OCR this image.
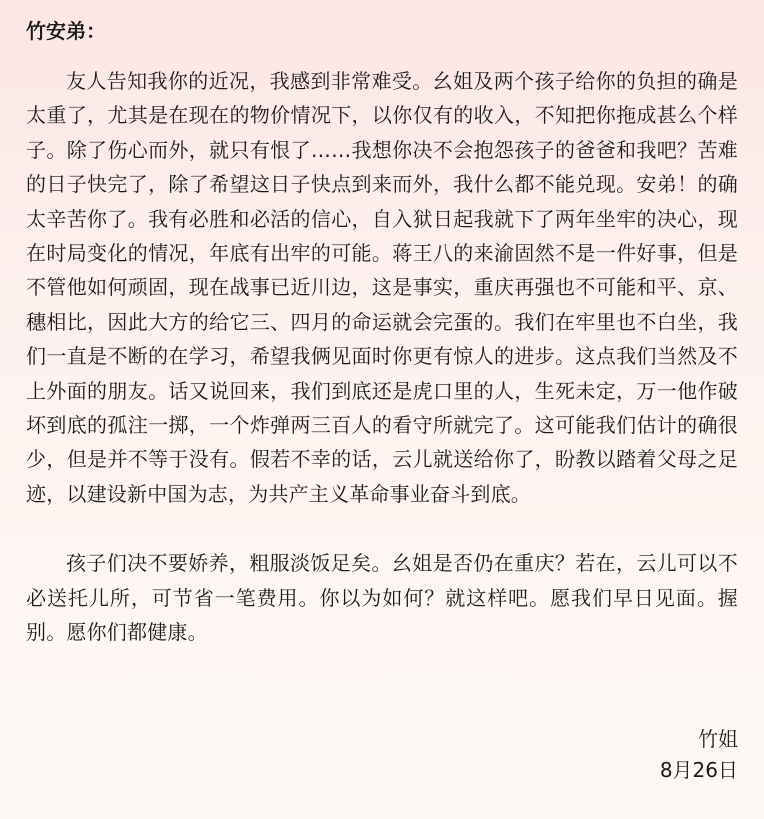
竹安弟：

友人告知我你的近况，我感到非常难受。幺姐及两个孩子给你的负担的确是太重了，尤其是在现在的物价情况下，以你仅有的收入，不知把你拖成甚么个样子。除了伤心而外，就只有恨了……我想你决不会抱怨孩子的爸爸和我吧？苦难的日子快完了，除了希望这日子快点到来而外，我什么都不能兑现。安弟！的确太辛苦你了。我有必胜和必活的信心，自入狱日起我就下了两年坐牢的决心，现在时局变化的情况，年底有出牢的可能。蒋王八的来渝固然不是一件好事，但是不管他如何顽固，现在战事已近川边，这是事实，重庆再强也不可能和平、京、穗相比，因此大方的给它三、四月的命运就会完蛋的。我们在牢里也不白坐，我们一直是不断的在学习，希望我俩见面时你更有惊人的进步。这点我们当然及不上外面的朋友。话又说回来，我们到底还是虎口里的人，生死未定，万一他作破坏到底的孤注一掷，一个炸弹两三百人的看守所就完了。这可能我们估计的确很少，但是并不等于没有。假若不幸的话，云儿就送给你了，盼教以踏着父母之足迹，以建设新中国为志，为共产主义革命事业奋斗到底。

孩子们决不要娇养，粗服淡饭足矣。幺姐是否仍在重庆？若在，云儿可以不必送托儿所，可节省一笔费用。你以为如何？就这样吧。愿我们早日见面。握别。愿你们都健康。

竹姐
8月26日
